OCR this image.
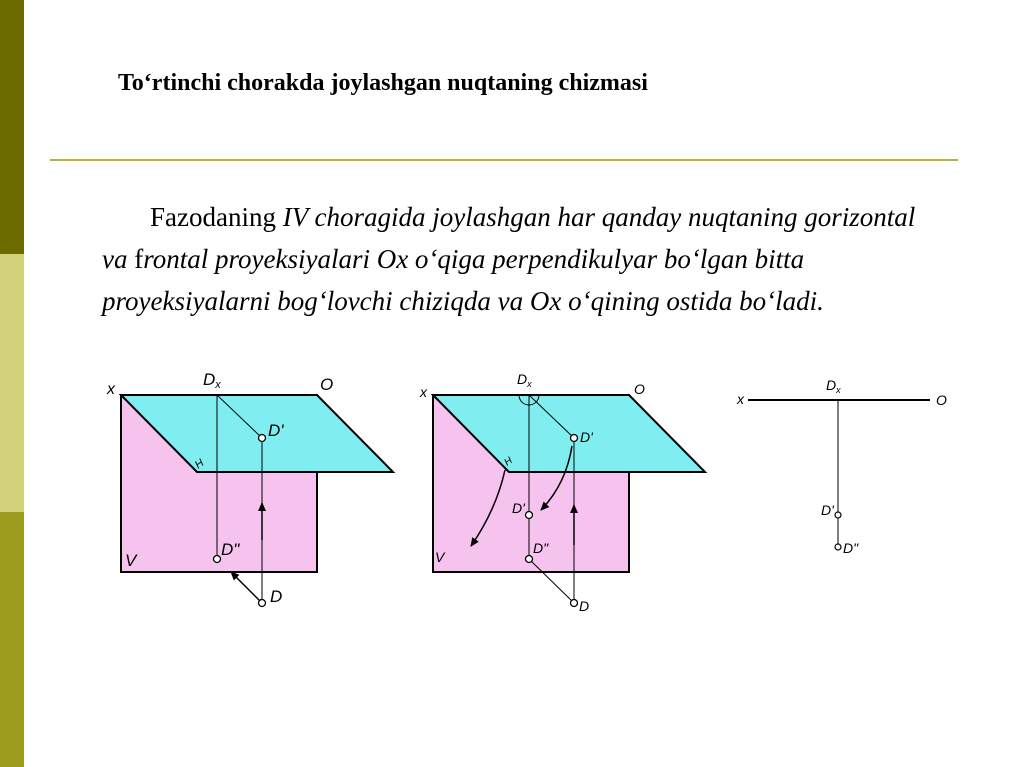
To‘rtinchi chorakda joylashgan nuqtaning chizmasi

Fazodaning IV choragida joylashgan har qanday nuqtaning gorizontal va frontal proyeksiyalari Ox o‘qiga perpendikulyar bo‘lgan bitta proyeksiyalarni bog‘lovchi chiziqda va Ox o‘qining ostida bo‘ladi.

x
Dx	O
D'
H
V
D"
D
x
$D_x$	O
D'
H
D'
V
D"
D
x
$D_x$
O
D'
D"
